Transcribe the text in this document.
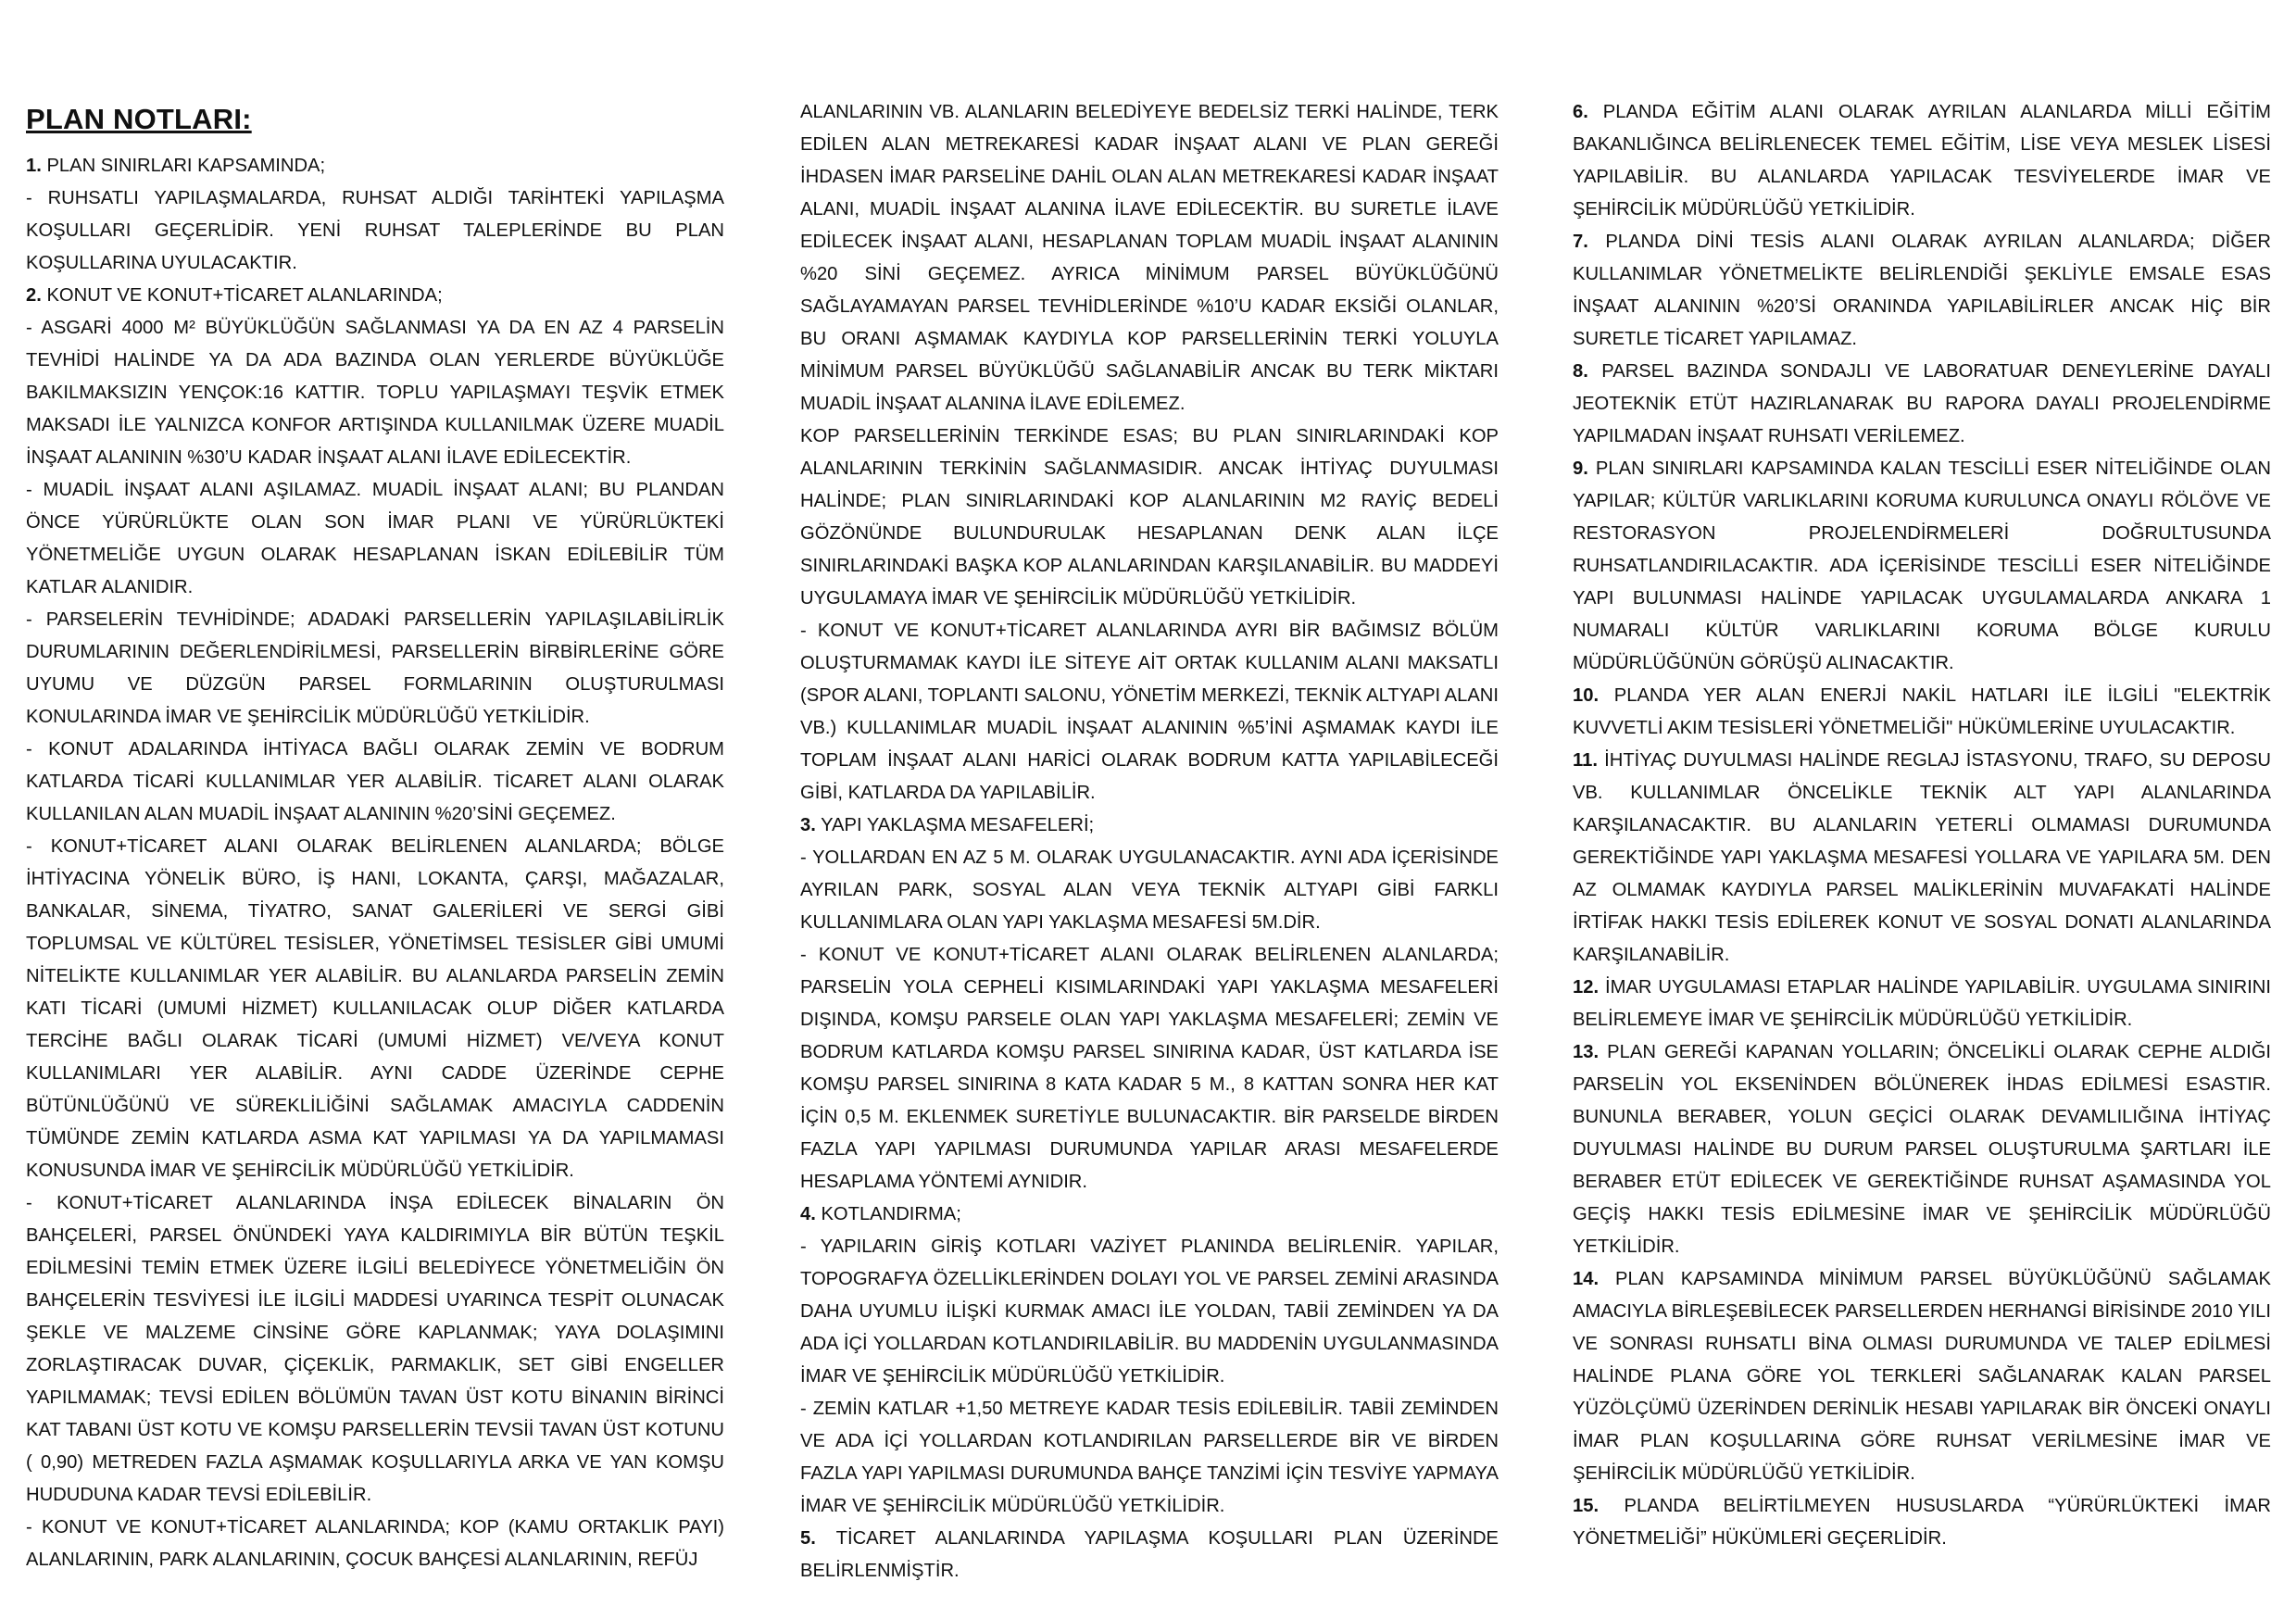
PLAN NOTLARI:

1. PLAN SINIRLARI KAPSAMINDA;

- RUHSATLI YAPILAŞMALARDA, RUHSAT ALDIĞI TARİHTEKİ YAPILAŞMA KOŞULLARI GEÇERLİDİR. YENİ RUHSAT TALEPLERİNDE BU PLAN KOŞULLARINA UYULACAKTIR.

2. KONUT VE KONUT+TİCARET ALANLARINDA;

- ASGARİ 4000 M² BÜYÜKLÜĞÜN SAĞLANMASI YA DA EN AZ 4 PARSELİN TEVHİDİ HALİNDE YA DA ADA BAZINDA OLAN YERLERDE BÜYÜKLÜĞE BAKILMAKSIZIN YENÇOK:16 KATTIR. TOPLU YAPILAŞMAYI TEŞVİK ETMEK MAKSADI İLE YALNIZCA KONFOR ARTIŞINDA KULLANILMAK ÜZERE MUADİL İNŞAAT ALANININ %30’U KADAR İNŞAAT ALANI İLAVE EDİLECEKTİR.

- MUADİL İNŞAAT ALANI AŞILAMAZ. MUADİL İNŞAAT ALANI; BU PLANDAN ÖNCE YÜRÜRLÜKTE OLAN SON İMAR PLANI VE YÜRÜRLÜKTEKİ YÖNETMELİĞE UYGUN OLARAK HESAPLANAN İSKAN EDİLEBİLİR TÜM KATLAR ALANIDIR.

- PARSELERİN TEVHİDİNDE; ADADAKİ PARSELLERİN YAPILAŞILABİLİRLİK DURUMLARININ DEĞERLENDİRİLMESİ, PARSELLERİN BİRBİRLERİNE GÖRE UYUMU VE DÜZGÜN PARSEL FORMLARININ OLUŞTURULMASI KONULARINDA İMAR VE ŞEHİRCİLİK MÜDÜRLÜĞÜ YETKİLİDİR.

- KONUT ADALARINDA İHTİYACA BAĞLI OLARAK ZEMİN VE BODRUM KATLARDA TİCARİ KULLANIMLAR YER ALABİLİR. TİCARET ALANI OLARAK KULLANILAN ALAN MUADİL İNŞAAT ALANININ %20’SİNİ GEÇEMEZ.

- KONUT+TİCARET ALANI OLARAK BELİRLENEN ALANLARDA; BÖLGE İHTİYACINA YÖNELİK BÜRO, İŞ HANI, LOKANTA, ÇARŞI, MAĞAZALAR, BANKALAR, SİNEMA, TİYATRO, SANAT GALERİLERİ VE SERGİ GİBİ TOPLUMSAL VE KÜLTÜREL TESİSLER, YÖNETİMSEL TESİSLER GİBİ UMUMİ NİTELİKTE KULLANIMLAR YER ALABİLİR. BU ALANLARDA PARSELİN ZEMİN KATI TİCARİ (UMUMİ HİZMET) KULLANILACAK OLUP DİĞER KATLARDA TERCİHE BAĞLI OLARAK TİCARİ (UMUMİ HİZMET) VE/VEYA KONUT KULLANIMLARI YER ALABİLİR. AYNI CADDE ÜZERİNDE CEPHE BÜTÜNLÜĞÜNÜ VE SÜREKLİLİĞİNİ SAĞLAMAK AMACIYLA CADDENİN TÜMÜNDE ZEMİN KATLARDA ASMA KAT YAPILMASI YA DA YAPILMAMASI KONUSUNDA İMAR VE ŞEHİRCİLİK MÜDÜRLÜĞÜ YETKİLİDİR.

- KONUT+TİCARET ALANLARINDA İNŞA EDİLECEK BİNALARIN ÖN BAHÇELERİ, PARSEL ÖNÜNDEKİ YAYA KALDIRIMIYLA BİR BÜTÜN TEŞKİL EDİLMESİNİ TEMİN ETMEK ÜZERE İLGİLİ BELEDİYECE YÖNETMELİĞİN ÖN BAHÇELERİN TESVİYESİ İLE İLGİLİ MADDESİ UYARINCA TESPİT OLUNACAK ŞEKLE VE MALZEME CİNSİNE GÖRE KAPLANMAK; YAYA DOLAŞIMINI ZORLAŞTIRACAK DUVAR, ÇİÇEKLİK, PARMAKLIK, SET GİBİ ENGELLER YAPILMAMAK; TEVSİ EDİLEN BÖLÜMÜN TAVAN ÜST KOTU BİNANIN BİRİNCİ KAT TABANI ÜST KOTU VE KOMŞU PARSELLERİN TEVSİİ TAVAN ÜST KOTUNU ( 0,90) METREDEN FAZLA AŞMAMAK KOŞULLARIYLA ARKA VE YAN KOMŞU HUDUDUNA KADAR TEVSİ EDİLEBİLİR.

- KONUT VE KONUT+TİCARET ALANLARINDA; KOP (KAMU ORTAKLIK PAYI) ALANLARININ, PARK ALANLARININ, ÇOCUK BAHÇESİ ALANLARININ, REFÜJ

ALANLARININ VB. ALANLARIN BELEDİYEYE BEDELSİZ TERKİ HALİNDE, TERK EDİLEN ALAN METREKARESİ KADAR İNŞAAT ALANI VE PLAN GEREĞİ İHDASEN İMAR PARSELİNE DAHİL OLAN ALAN METREKARESİ KADAR İNŞAAT ALANI, MUADİL İNŞAAT ALANINA İLAVE EDİLECEKTİR. BU SURETLE İLAVE EDİLECEK İNŞAAT ALANI, HESAPLANAN TOPLAM MUADİL İNŞAAT ALANININ %20 SİNİ GEÇEMEZ. AYRICA MİNİMUM PARSEL BÜYÜKLÜĞÜNÜ SAĞLAYAMAYAN PARSEL TEVHİDLERİNDE %10’U KADAR EKSİĞİ OLANLAR, BU ORANI AŞMAMAK KAYDIYLA KOP PARSELLERİNİN TERKİ YOLUYLA MİNİMUM PARSEL BÜYÜKLÜĞÜ SAĞLANABİLİR ANCAK BU TERK MİKTARI MUADİL İNŞAAT ALANINA İLAVE EDİLEMEZ.

KOP PARSELLERİNİN TERKİNDE ESAS; BU PLAN SINIRLARINDAKİ KOP ALANLARININ TERKİNİN SAĞLANMASIDIR. ANCAK İHTİYAÇ DUYULMASI HALİNDE; PLAN SINIRLARINDAKİ KOP ALANLARININ M2 RAYİÇ BEDELİ GÖZÖNÜNDE BULUNDURULAK HESAPLANAN DENK ALAN İLÇE SINIRLARINDAKİ BAŞKA KOP ALANLARINDAN KARŞILANABİLİR. BU MADDEYİ UYGULAMAYA İMAR VE ŞEHİRCİLİK MÜDÜRLÜĞÜ YETKİLİDİR.

- KONUT VE KONUT+TİCARET ALANLARINDA AYRI BİR BAĞIMSIZ BÖLÜM OLUŞTURMAMAK KAYDI İLE SİTEYE AİT ORTAK KULLANIM ALANI MAKSATLI (SPOR ALANI, TOPLANTI SALONU, YÖNETİM MERKEZİ, TEKNİK ALTYAPI ALANI VB.) KULLANIMLAR MUADİL İNŞAAT ALANININ %5’İNİ AŞMAMAK KAYDI İLE TOPLAM İNŞAAT ALANI HARİCİ OLARAK BODRUM KATTA YAPILABİLECEĞİ GİBİ, KATLARDA DA YAPILABİLİR.

3. YAPI YAKLAŞMA MESAFELERİ;

- YOLLARDAN EN AZ 5 M. OLARAK UYGULANACAKTIR. AYNI ADA İÇERİSİNDE AYRILAN PARK, SOSYAL ALAN VEYA TEKNİK ALTYAPI GİBİ FARKLI KULLANIMLARA OLAN YAPI YAKLAŞMA MESAFESİ 5M.DİR.

- KONUT VE KONUT+TİCARET ALANI OLARAK BELİRLENEN ALANLARDA; PARSELİN YOLA CEPHELİ KISIMLARINDAKİ YAPI YAKLAŞMA MESAFELERİ DIŞINDA, KOMŞU PARSELE OLAN YAPI YAKLAŞMA MESAFELERİ; ZEMİN VE BODRUM KATLARDA KOMŞU PARSEL SINIRINA KADAR, ÜST KATLARDA İSE KOMŞU PARSEL SINIRINA 8 KATA KADAR 5 M., 8 KATTAN SONRA HER KAT İÇİN 0,5 M. EKLENMEK SURETİYLE BULUNACAKTIR. BİR PARSELDE BİRDEN FAZLA YAPI YAPILMASI DURUMUNDA YAPILAR ARASI MESAFELERDE HESAPLAMA YÖNTEMİ AYNIDIR.

4. KOTLANDIRMA;

- YAPILARIN GİRİŞ KOTLARI VAZİYET PLANINDA BELİRLENİR. YAPILAR, TOPOGRAFYA ÖZELLİKLERİNDEN DOLAYI YOL VE PARSEL ZEMİNİ ARASINDA DAHA UYUMLU İLİŞKİ KURMAK AMACI İLE YOLDAN, TABİİ ZEMİNDEN YA DA ADA İÇİ YOLLARDAN KOTLANDIRILABİLİR. BU MADDENİN UYGULANMASINDA İMAR VE ŞEHİRCİLİK MÜDÜRLÜĞÜ YETKİLİDİR.

- ZEMİN KATLAR +1,50 METREYE KADAR TESİS EDİLEBİLİR. TABİİ ZEMİNDEN VE ADA İÇİ YOLLARDAN KOTLANDIRILAN PARSELLERDE BİR VE BİRDEN FAZLA YAPI YAPILMASI DURUMUNDA BAHÇE TANZİMİ İÇİN TESVİYE YAPMAYA İMAR VE ŞEHİRCİLİK MÜDÜRLÜĞÜ YETKİLİDİR.

5. TİCARET ALANLARINDA YAPILAŞMA KOŞULLARI PLAN ÜZERİNDE BELİRLENMİŞTİR.

6. PLANDA EĞİTİM ALANI OLARAK AYRILAN ALANLARDA MİLLİ EĞİTİM BAKANLIĞINCA BELİRLENECEK TEMEL EĞİTİM, LİSE VEYA MESLEK LİSESİ YAPILABİLİR. BU ALANLARDA YAPILACAK TESVİYELERDE İMAR VE ŞEHİRCİLİK MÜDÜRLÜĞÜ YETKİLİDİR.

7. PLANDA DİNİ TESİS ALANI OLARAK AYRILAN ALANLARDA; DİĞER KULLANIMLAR YÖNETMELİKTE BELİRLENDİĞİ ŞEKLİYLE EMSALE ESAS İNŞAAT ALANININ %20’Sİ ORANINDA YAPILABİLİRLER ANCAK HİÇ BİR SURETLE TİCARET YAPILAMAZ.

8. PARSEL BAZINDA SONDAJLI VE LABORATUAR DENEYLERİNE DAYALI JEOTEKNİK ETÜT HAZIRLANARAK BU RAPORA DAYALI PROJELENDİRME YAPILMADAN İNŞAAT RUHSATI VERİLEMEZ.

9. PLAN SINIRLARI KAPSAMINDA KALAN TESCİLLİ ESER NİTELİĞİNDE OLAN YAPILAR; KÜLTÜR VARLIKLARINI KORUMA KURULUNCA ONAYLI RÖLÖVE VE RESTORASYON PROJELENDİRMELERİ DOĞRULTUSUNDA RUHSATLANDIRILACAKTIR. ADA İÇERİSİNDE TESCİLLİ ESER NİTELİĞİNDE YAPI BULUNMASI HALİNDE YAPILACAK UYGULAMALARDA ANKARA 1 NUMARALI KÜLTÜR VARLIKLARINI KORUMA BÖLGE KURULU MÜDÜRLÜĞÜNÜN GÖRÜŞÜ ALINACAKTIR.

10. PLANDA YER ALAN ENERJİ NAKİL HATLARI İLE İLGİLİ "ELEKTRİK KUVVETLİ AKIM TESİSLERİ YÖNETMELİĞİ" HÜKÜMLERİNE UYULACAKTIR.

11. İHTİYAÇ DUYULMASI HALİNDE REGLAJ İSTASYONU, TRAFO, SU DEPOSU VB. KULLANIMLAR ÖNCELİKLE TEKNİK ALT YAPI ALANLARINDA KARŞILANACAKTIR. BU ALANLARIN YETERLİ OLMAMASI DURUMUNDA GEREKTİĞİNDE YAPI YAKLAŞMA MESAFESİ YOLLARA VE YAPILARA 5M. DEN AZ OLMAMAK KAYDIYLA PARSEL MALİKLERİNİN MUVAFAKATİ HALİNDE İRTİFAK HAKKI TESİS EDİLEREK KONUT VE SOSYAL DONATI ALANLARINDA KARŞILANABİLİR.

12. İMAR UYGULAMASI ETAPLAR HALİNDE YAPILABİLİR. UYGULAMA SINIRINI BELİRLEMEYE İMAR VE ŞEHİRCİLİK MÜDÜRLÜĞÜ YETKİLİDİR.

13. PLAN GEREĞİ KAPANAN YOLLARIN; ÖNCELİKLİ OLARAK CEPHE ALDIĞI PARSELİN YOL EKSENİNDEN BÖLÜNEREK İHDAS EDİLMESİ ESASTIR. BUNUNLA BERABER, YOLUN GEÇİCİ OLARAK DEVAMLILIĞINA İHTİYAÇ DUYULMASI HALİNDE BU DURUM PARSEL OLUŞTURULMA ŞARTLARI İLE BERABER ETÜT EDİLECEK VE GEREKTİĞİNDE RUHSAT AŞAMASINDA YOL GEÇİŞ HAKKI TESİS EDİLMESİNE İMAR VE ŞEHİRCİLİK MÜDÜRLÜĞÜ YETKİLİDİR.

14. PLAN KAPSAMINDA MİNİMUM PARSEL BÜYÜKLÜĞÜNÜ SAĞLAMAK AMACIYLA BİRLEŞEBİLECEK PARSELLERDEN HERHANGİ BİRİSİNDE 2010 YILI VE SONRASI RUHSATLI BİNA OLMASI DURUMUNDA VE TALEP EDİLMESİ HALİNDE PLANA GÖRE YOL TERKLERİ SAĞLANARAK KALAN PARSEL YÜZÖLÇÜMÜ ÜZERİNDEN DERİNLİK HESABI YAPILARAK BİR ÖNCEKİ ONAYLI İMAR PLAN KOŞULLARINA GÖRE RUHSAT VERİLMESİNE İMAR VE ŞEHİRCİLİK MÜDÜRLÜĞÜ YETKİLİDİR.

15. PLANDA BELİRTİLMEYEN HUSUSLARDA “YÜRÜRLÜKTEKİ İMAR YÖNETMELİĞİ” HÜKÜMLERİ GEÇERLİDİR.
